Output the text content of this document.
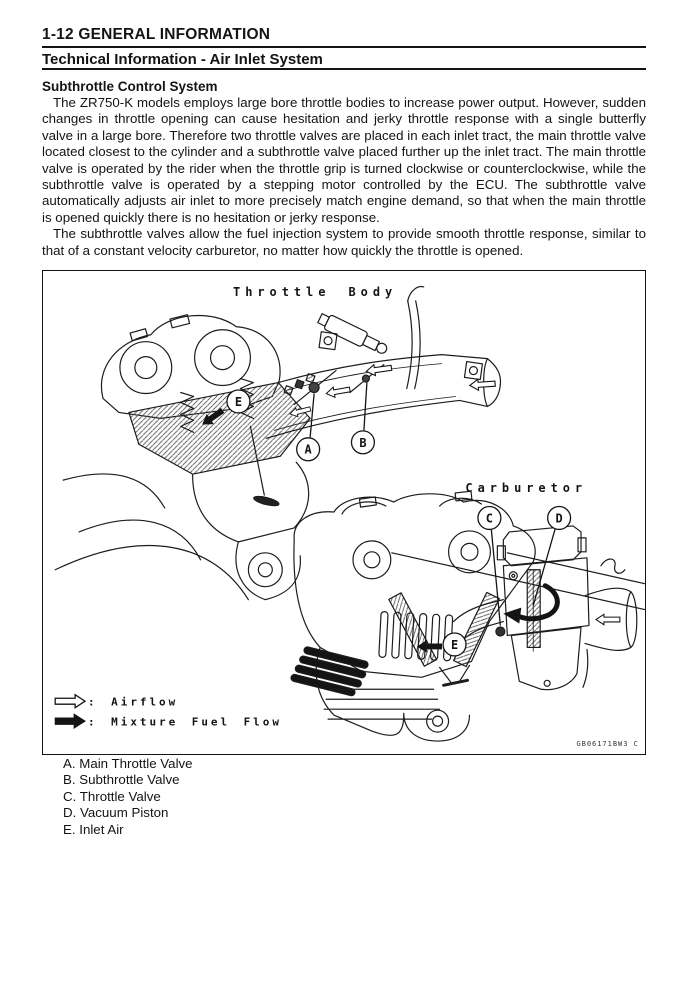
1-12 GENERAL INFORMATION
Technical Information - Air Inlet System
Subthrottle Control System

The ZR750-K models employs large bore throttle bodies to increase power output. However, sudden changes in throttle opening can cause hesitation and jerky throttle response with a single butterfly valve in a large bore. Therefore two throttle valves are placed in each inlet tract, the main throttle valve located closest to the cylinder and a subthrottle valve placed further up the inlet tract. The main throttle valve is operated by the rider when the throttle grip is turned clockwise or counterclockwise, while the subthrottle valve is operated by a stepping motor controlled by the ECU. The subthrottle valve automatically adjusts air inlet to more precisely match engine demand, so that when the main throttle is opened quickly there is no hesitation or jerky response.

The subthrottle valves allow the fuel injection system to provide smooth throttle response, similar to that of a constant velocity carburetor, no matter how quickly the throttle is opened.

Throttle Body
A	B
E
Carburetor
C	D
E
: Airflow
: Mixture Fuel Flow
GB06171BW3 C
A. Main Throttle Valve
B. Subthrottle Valve
C. Throttle Valve
D. Vacuum Piston
E. Inlet Air
